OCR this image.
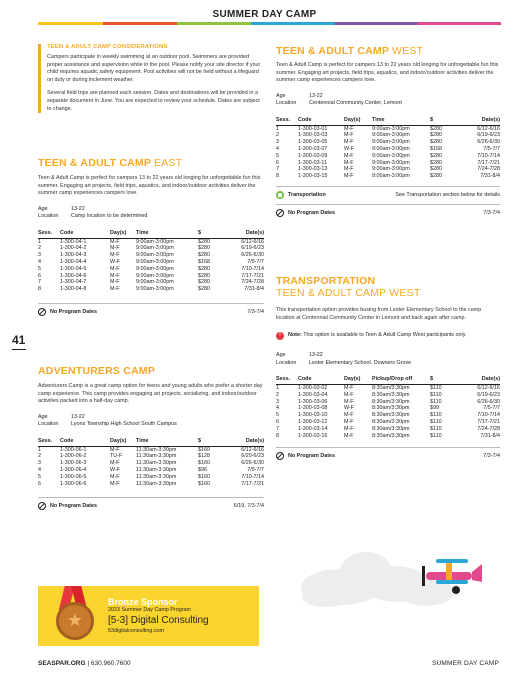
SUMMER DAY CAMP
41
TEEN & ADULT CAMP CONSIDERATIONS

Campers participate in weekly swimming at an outdoor pool. Swimmers are provided proper assistance and supervision while in the pool. Please notify your site director if your child requires aquatic safety equipment. Pool activities will not be held without a lifeguard on duty or during inclement weather.

Several field trips are planned each session. Dates and destinations will be provided in a separate document in June. You are expected to review your schedule. Dates are subject to change.

TEEN & ADULT CAMP EAST

Teen & Adult Camp is perfect for campers 13 to 22 years old longing for unforgettable fun this summer. Engaging art projects, field trips, aquatics, and indoor/outdoor activities deliver the summer camp experiences campers love.

Age	13-22
Location	Camp location to be determined
Sess.	Code	Day(s)	Time	$	Date(s)
1	1-300-04-1	M-F	9:00am-3:00pm	$280	6/12-6/16
2	1-300-04-2	M-F	9:00am-3:00pm	$280	6/19-6/23
3	1-300-04-3	M-F	9:00am-3:00pm	$280	6/26-6/30
4	1-300-04-4	W-F	9:00am-3:00pm	$168	7/5-7/7
5	1-300-04-5	M-F	9:00am-3:00pm	$280	7/10-7/14
6	1-300-04-6	M-F	9:00am-3:00pm	$280	7/17-7/21
7	1-300-04-7	M-F	9:00am-3:00pm	$280	7/24-7/28
8	1-300-04-8	M-F	9:00am-3:00pm	$280	7/31-8/4
No Program Dates	7/3-7/4
ADVENTURERS CAMP

Adventurers Camp is a great camp option for teens and young adults who prefer a shorter day camp experience. This camp provides engaging art projects, socializing, and indoor/outdoor activities packed into a half-day camp.

Age	13-22
Location	Lyons Township High School South Campus
Sess.	Code	Day(s)	Time	$	Date(s)
1	1-300-06-1	M-F	11:30am-3:30pm	$160	6/12-6/16
2	1-300-06-2	TU-F	11:30am-3:30pm	$128	6/20-6/23
3	1-300-06-3	M-F	11:30am-3:30pm	$160	6/26-6/30
4	1-300-06-4	W-F	11:30am-3:30pm	$96	7/5-7/7
5	1-300-06-5	M-F	11:30am-3:30pm	$160	7/10-7/14
6	1-300-06-6	M-F	11:30am-3:30pm	$160	7/17-7/21
No Program Dates	6/19, 7/3-7/4
TEEN & ADULT CAMP WEST

Teen & Adult Camp is perfect for campers 13 to 22 years old longing for unforgettable fun this summer. Engaging art projects, field trips, aquatics, and indoor/outdoor activities deliver the summer camp experiences campers love.

Age	13-22
Location	Centennial Community Center, Lemont
Sess.	Code	Day(s)	Time	$	Date(s)
1	1-300-03-01	M-F	9:00am-3:00pm	$280	6/12-6/16
2	1-300-03-03	M-F	9:00am-3:00pm	$280	6/19-6/23
3	1-300-03-05	M-F	9:00am-3:00pm	$280	6/26-6/30
4	1-300-03-07	W-F	9:00am-3:00pm	$168	7/5-7/7
5	1-300-03-09	M-F	9:00am-3:00pm	$280	7/10-7/14
6	1-300-03-11	M-F	9:00am-3:00pm	$280	7/17-7/21
7	1-300-03-13	M-F	9:00am-3:00pm	$280	7/24-7/28
8	1-300-03-15	M-F	9:00am-3:00pm	$280	7/31-8/4
Transportation	See Transportation section below for details
No Program Dates	7/3-7/4
TRANSPORTATION
TEEN & ADULT CAMP WEST

This transportation option provides busing from Lester Elementary School to the camp location at Centennial Community Center in Lemont and back again after camp.

!
Note: This option is available to Teen & Adult Camp West participants only.
Age	13-22
Location	Lester Elementary School, Downers Grove
Sess.	Code	Day(s)	Pickup/Drop off	$	Date(s)
1	1-300-03-02	M-F	8:30am/3:30pm	$110	6/12-6/16
2	1-300-03-04	M-F	8:30am/3:30pm	$110	6/19-6/23
3	1-300-03-06	M-F	8:30am/3:30pm	$110	6/26-6/30
4	1-300-03-08	W-F	8:30am/3:30pm	$99	7/5-7/7
5	1-300-03-10	M-F	8:30am/3:30pm	$110	7/10-7/14
6	1-300-03-12	M-F	8:30am/3:30pm	$110	7/17-7/21
7	1-300-03-14	M-F	8:30am/3:30pm	$110	7/24-7/28
8	1-300-03-16	M-F	8:30am/3:30pm	$110	7/31-8/4
No Program Dates	7/3-7/4
★
Bronze Sponsor
2023 Summer Day Camp Program
[5-3] Digital Consulting
53digitalconsulting.com
SEASPAR.ORG | 630.960.7600	SUMMER DAY CAMP
